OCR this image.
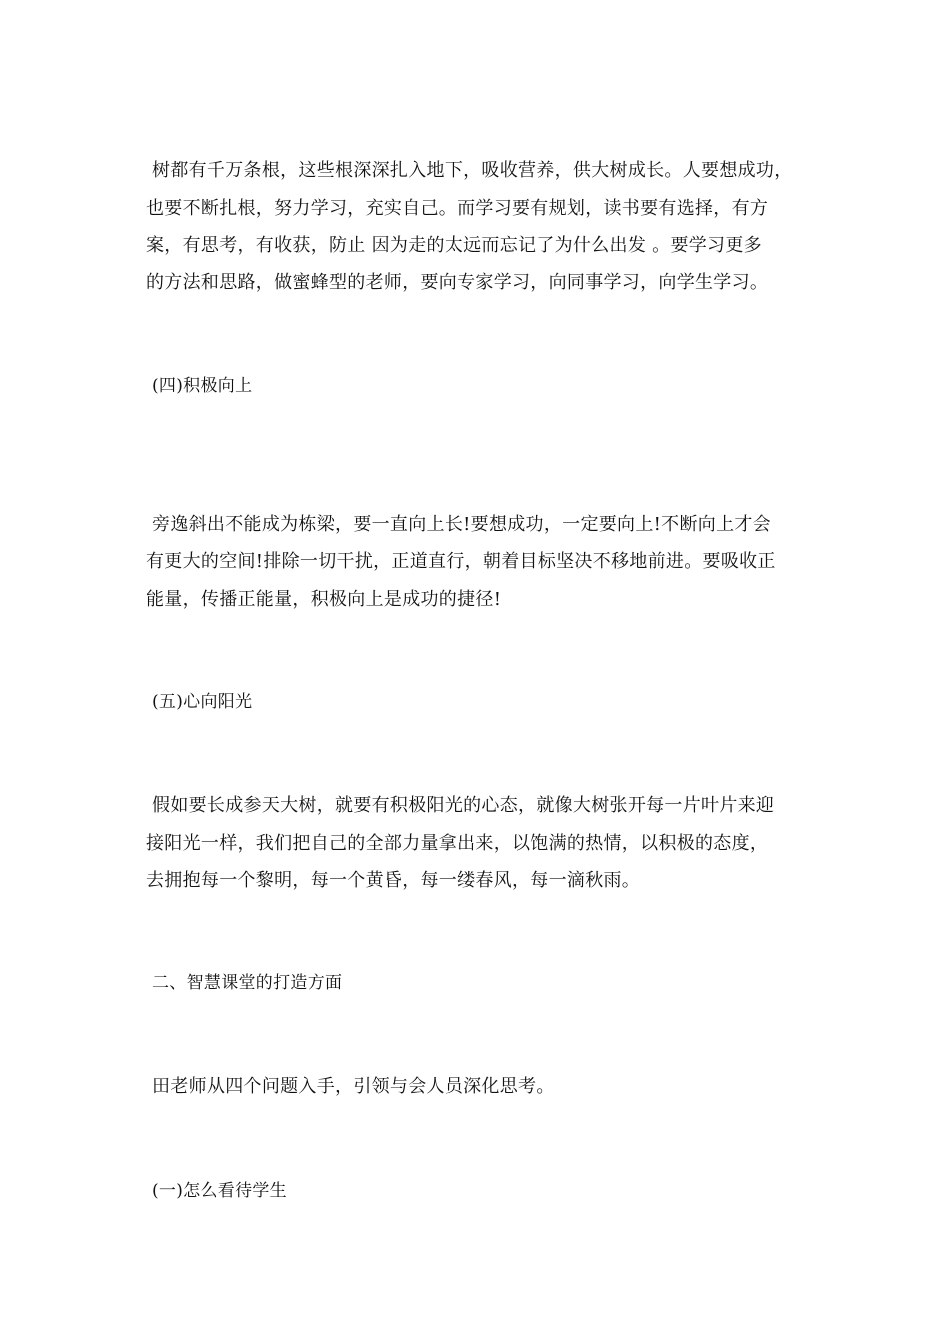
树都有千万条根，这些根深深扎入地下，吸收营养，供大树成长。人要想成功，
也要不断扎根，努力学习，充实自己。而学习要有规划，读书要有选择，有方
案，有思考，有收获，防止 因为走的太远而忘记了为什么出发 。要学习更多
的方法和思路，做蜜蜂型的老师，要向专家学习，向同事学习，向学生学习。
(四)积极向上
旁逸斜出不能成为栋梁，要一直向上长!要想成功，一定要向上!不断向上才会
有更大的空间!排除一切干扰，正道直行，朝着目标坚决不移地前进。要吸收正
能量，传播正能量，积极向上是成功的捷径!
(五)心向阳光
假如要长成参天大树，就要有积极阳光的心态，就像大树张开每一片叶片来迎
接阳光一样，我们把自己的全部力量拿出来，以饱满的热情，以积极的态度，
去拥抱每一个黎明，每一个黄昏，每一缕春风，每一滴秋雨。
二、智慧课堂的打造方面
田老师从四个问题入手，引领与会人员深化思考。
(一)怎么看待学生
